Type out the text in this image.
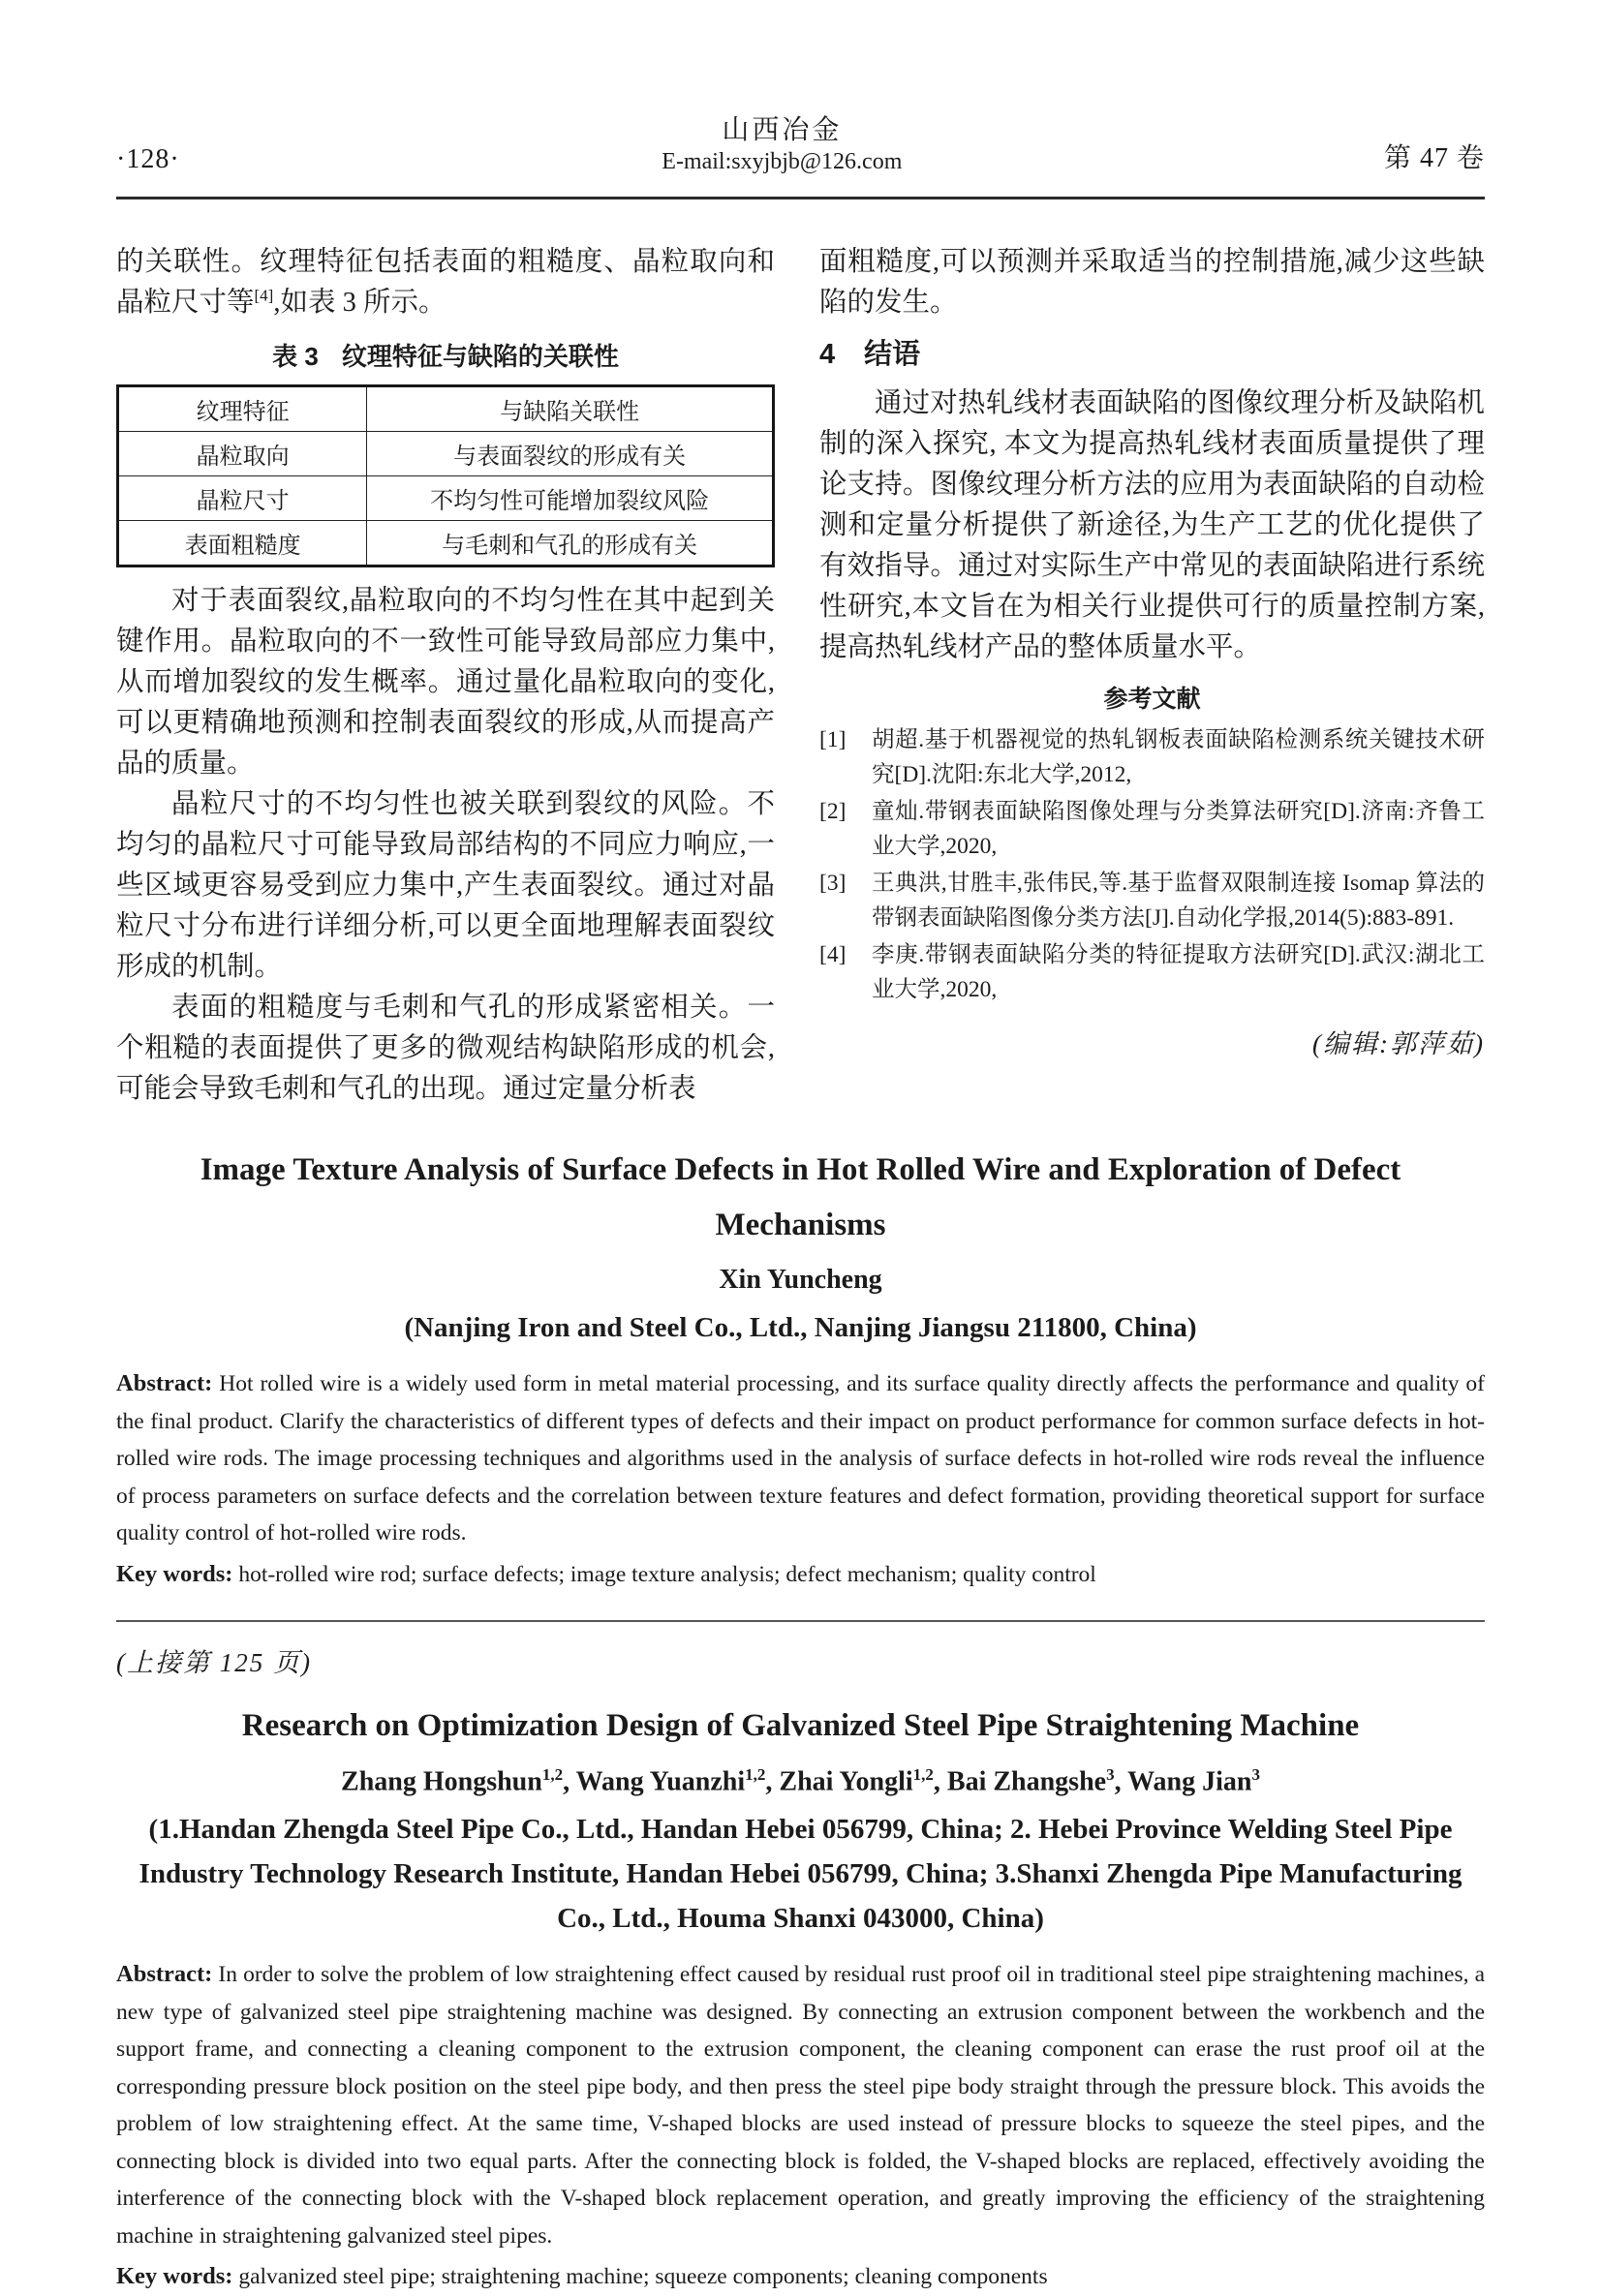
·128·
山西冶金
E-mail:sxyjbjb@126.com	第 47 卷

的关联性。纹理特征包括表面的粗糙度、晶粒取向和晶粒尺寸等[4],如表 3 所示。

表 3 纹理特征与缺陷的关联性
纹理特征	与缺陷关联性
晶粒取向	与表面裂纹的形成有关
晶粒尺寸	不均匀性可能增加裂纹风险
表面粗糙度	与毛刺和气孔的形成有关

对于表面裂纹,晶粒取向的不均匀性在其中起到关键作用。晶粒取向的不一致性可能导致局部应力集中,从而增加裂纹的发生概率。通过量化晶粒取向的变化, 可以更精确地预测和控制表面裂纹的形成,从而提高产品的质量。

晶粒尺寸的不均匀性也被关联到裂纹的风险。不均匀的晶粒尺寸可能导致局部结构的不同应力响应,一些区域更容易受到应力集中,产生表面裂纹。通过对晶粒尺寸分布进行详细分析,可以更全面地理解表面裂纹形成的机制。

表面的粗糙度与毛刺和气孔的形成紧密相关。一个粗糙的表面提供了更多的微观结构缺陷形成的机会,可能会导致毛刺和气孔的出现。通过定量分析表

面粗糙度,可以预测并采取适当的控制措施,减少这些缺陷的发生。

4 结语

通过对热轧线材表面缺陷的图像纹理分析及缺陷机制的深入探究, 本文为提高热轧线材表面质量提供了理论支持。图像纹理分析方法的应用为表面缺陷的自动检测和定量分析提供了新途径,为生产工艺的优化提供了有效指导。通过对实际生产中常见的表面缺陷进行系统性研究,本文旨在为相关行业提供可行的质量控制方案,提高热轧线材产品的整体质量水平。

参考文献
[1]	胡超.基于机器视觉的热轧钢板表面缺陷检测系统关键技术研究[D].沈阳:东北大学,2012,
[2]	童灿.带钢表面缺陷图像处理与分类算法研究[D].济南:齐鲁工业大学,2020,
[3]	王典洪,甘胜丰,张伟民,等.基于监督双限制连接 Isomap 算法的带钢表面缺陷图像分类方法[J].自动化学报,2014(5):883-891.
[4]	李庚.带钢表面缺陷分类的特征提取方法研究[D].武汉:湖北工业大学,2020,
(编辑:郭萍茹)
Image Texture Analysis of Surface Defects in Hot Rolled Wire and Exploration of Defect Mechanisms
Xin Yuncheng
(Nanjing Iron and Steel Co., Ltd., Nanjing Jiangsu 211800, China)

Abstract: Hot rolled wire is a widely used form in metal material processing, and its surface quality directly affects the performance and quality of the final product. Clarify the characteristics of different types of defects and their impact on product performance for common surface defects in hot-rolled wire rods. The image processing techniques and algorithms used in the analysis of surface defects in hot-rolled wire rods reveal the influence of process parameters on surface defects and the correlation between texture features and defect formation, providing theoretical support for surface quality control of hot-rolled wire rods.

Key words: hot-rolled wire rod; surface defects; image texture analysis; defect mechanism; quality control

(上接第 125 页)
Research on Optimization Design of Galvanized Steel Pipe Straightening Machine
Zhang Hongshun$^{1,2}$, Wang Yuanzhi$^{1,2}$, Zhai Yongli$^{1,2}$, Bai Zhangshe$^3$, Wang Jian$^3$
(1.Handan Zhengda Steel Pipe Co., Ltd., Handan Hebei 056799, China; 2. Hebei Province Welding Steel Pipe Industry Technology Research Institute, Handan Hebei 056799, China; 3.Shanxi Zhengda Pipe Manufacturing Co., Ltd., Houma Shanxi 043000, China)

Abstract: In order to solve the problem of low straightening effect caused by residual rust proof oil in traditional steel pipe straightening machines, a new type of galvanized steel pipe straightening machine was designed. By connecting an extrusion component between the workbench and the support frame, and connecting a cleaning component to the extrusion component, the cleaning component can erase the rust proof oil at the corresponding pressure block position on the steel pipe body, and then press the steel pipe body straight through the pressure block. This avoids the problem of low straightening effect. At the same time, V-shaped blocks are used instead of pressure blocks to squeeze the steel pipes, and the connecting block is divided into two equal parts. After the connecting block is folded, the V-shaped blocks are replaced, effectively avoiding the interference of the connecting block with the V-shaped block replacement operation, and greatly improving the efficiency of the straightening machine in straightening galvanized steel pipes.

Key words: galvanized steel pipe; straightening machine; squeeze components; cleaning components
